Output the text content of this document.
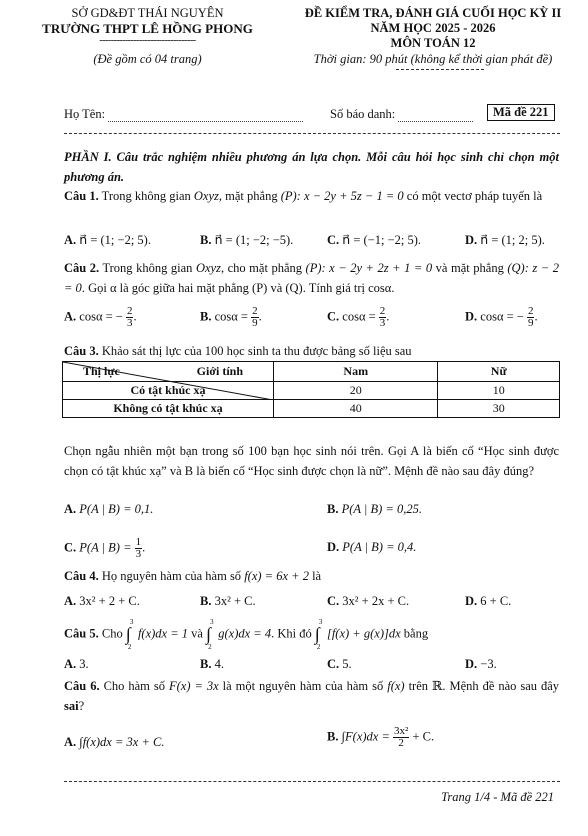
SỞ GD&ĐT THÁI NGUYÊN
TRƯỜNG THPT LÊ HỒNG PHONG
----------------------------------
(Đề gồm có 04 trang)
ĐỀ KIỂM TRA, ĐÁNH GIÁ CUỐI HỌC KỲ II
NĂM HỌC 2025 - 2026
MÔN TOÁN 12
Thời gian: 90 phút (không kể thời gian phát đề)
Họ Tên:	Số báo danh:	Mã đề 221
PHẦN I. Câu trắc nghiệm nhiều phương án lựa chọn. Mỗi câu hỏi học sinh chỉ chọn một phương án.
Câu 1. Trong không gian Oxyz, mặt phẳng (P): x − 2y + 5z − 1 = 0 có một vectơ pháp tuyến là
A. n⃗ = (1; −2; 5).	B. n⃗ = (1; −2; −5).	C. n⃗ = (−1; −2; 5).	D. n⃗ = (1; 2; 5).
Câu 2. Trong không gian Oxyz, cho mặt phẳng (P): x − 2y + 2z + 1 = 0 và mặt phẳng (Q): z − 2 = 0. Gọi α là góc giữa hai mặt phẳng (P) và (Q). Tính giá trị cosα.
A. cosα = − $\frac{2}{3}$ .	B. $\cos\alpha = \frac{2}{9}$ .	C. $\cos\alpha = \frac{2}{3}$ .	D. cosα = − $\frac{2}{9}$ .
Câu 3. Khảo sát thị lực của 100 học sinh ta thu được bảng số liệu sau
Giới tính
Thị lực	Nam	Nữ
Có tật khúc xạ	20	10
Không có tật khúc xạ	40	30
Chọn ngẫu nhiên một bạn trong số 100 bạn học sinh nói trên. Gọi A là biến cố “Học sinh được chọn có tật khúc xạ” và B là biến cố “Học sinh được chọn là nữ”. Mệnh đề nào sau đây đúng?
A. P(A | B) = 0,1.	B. P(A | B) = 0,25.
C. P(A | $B) = \frac{1}{3}$ .	D. P(A | B) = 0,4.
Câu 4. Họ nguyên hàm của hàm số f(x) = 6x + 2 là
A. 3x² + 2 + C.	B. 3x² + C.	C. 3x² + 2x + C.	D. 6 + C.
Câu 5. Cho ∫
3
2
f(x)dx = 1 và ∫
3
2
g(x)dx = 4. Khi đó ∫
3
2
[f(x) + g(x)]dx bằng
A. 3.	B. 4.	C. 5.	D. −3.
Câu 6. Cho hàm số F(x) = 3x là một nguyên hàm của hàm số f(x) trên ℝ. Mệnh đề nào sau đây sai?
A. ∫f(x)dx = 3x + C.	B. $\int F(x)dx = \frac{\text{3x²}}{2} + C$.
Trang 1/4 - Mã đề 221
